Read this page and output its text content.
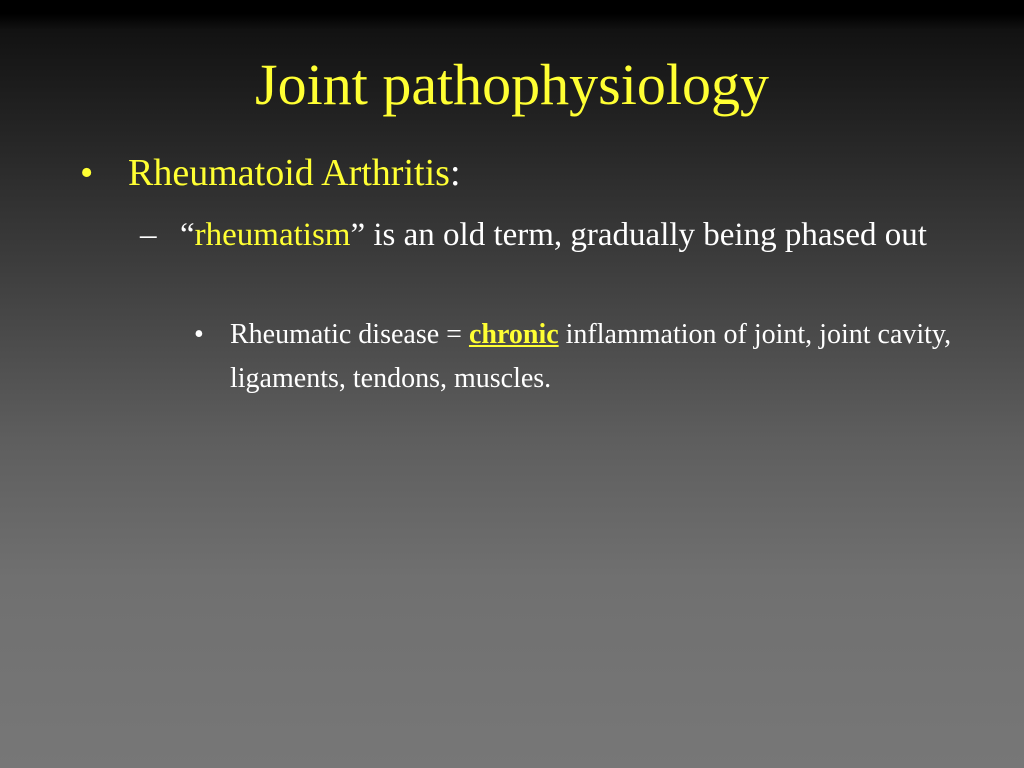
Joint pathophysiology
• Rheumatoid Arthritis:
– “rheumatism” is an old term, gradually being phased out
• Rheumatic disease = chronic inflammation of joint, joint cavity, ligaments, tendons, muscles.
